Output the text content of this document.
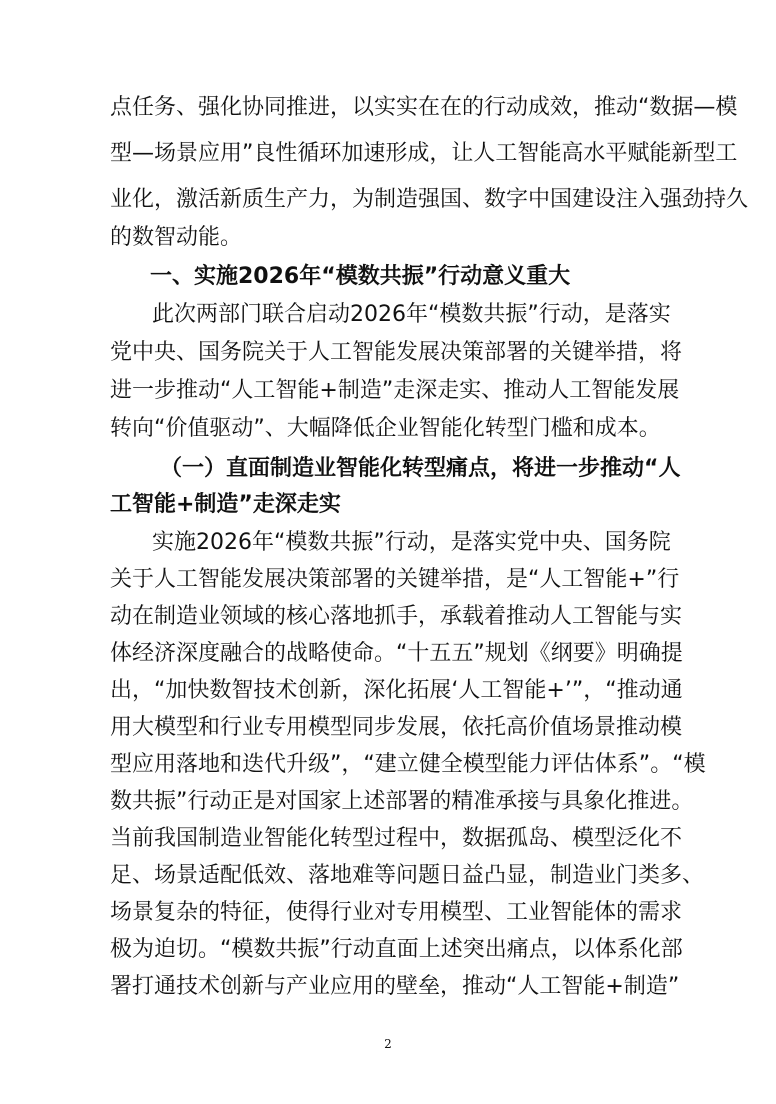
点任务、强化协同推进，以实实在在的行动成效，推动“数据—模
型—场景应用”良性循环加速形成，让人工智能高水平赋能新型工
业化，激活新质生产力，为制造强国、数字中国建设注入强劲持久
的数智动能。
一、实施2026年“模数共振”行动意义重大
此次两部门联合启动2026年“模数共振”行动，是落实
党中央、国务院关于人工智能发展决策部署的关键举措，将
进一步推动“人工智能+制造”走深走实、推动人工智能发展
转向“价值驱动”、大幅降低企业智能化转型门槛和成本。
（一）直面制造业智能化转型痛点，将进一步推动“人
工智能+制造”走深走实
实施2026年“模数共振”行动，是落实党中央、国务院
关于人工智能发展决策部署的关键举措，是“人工智能+”行
动在制造业领域的核心落地抓手，承载着推动人工智能与实
体经济深度融合的战略使命。“十五五”规划《纲要》明确提
出，“加快数智技术创新，深化拓展‘人工智能+’”，“推动通
用大模型和行业专用模型同步发展，依托高价值场景推动模
型应用落地和迭代升级”，“建立健全模型能力评估体系”。“模
数共振”行动正是对国家上述部署的精准承接与具象化推进。
当前我国制造业智能化转型过程中，数据孤岛、模型泛化不
足、场景适配低效、落地难等问题日益凸显，制造业门类多、
场景复杂的特征，使得行业对专用模型、工业智能体的需求
极为迫切。“模数共振”行动直面上述突出痛点，以体系化部
署打通技术创新与产业应用的壁垒，推动“人工智能+制造”
2
